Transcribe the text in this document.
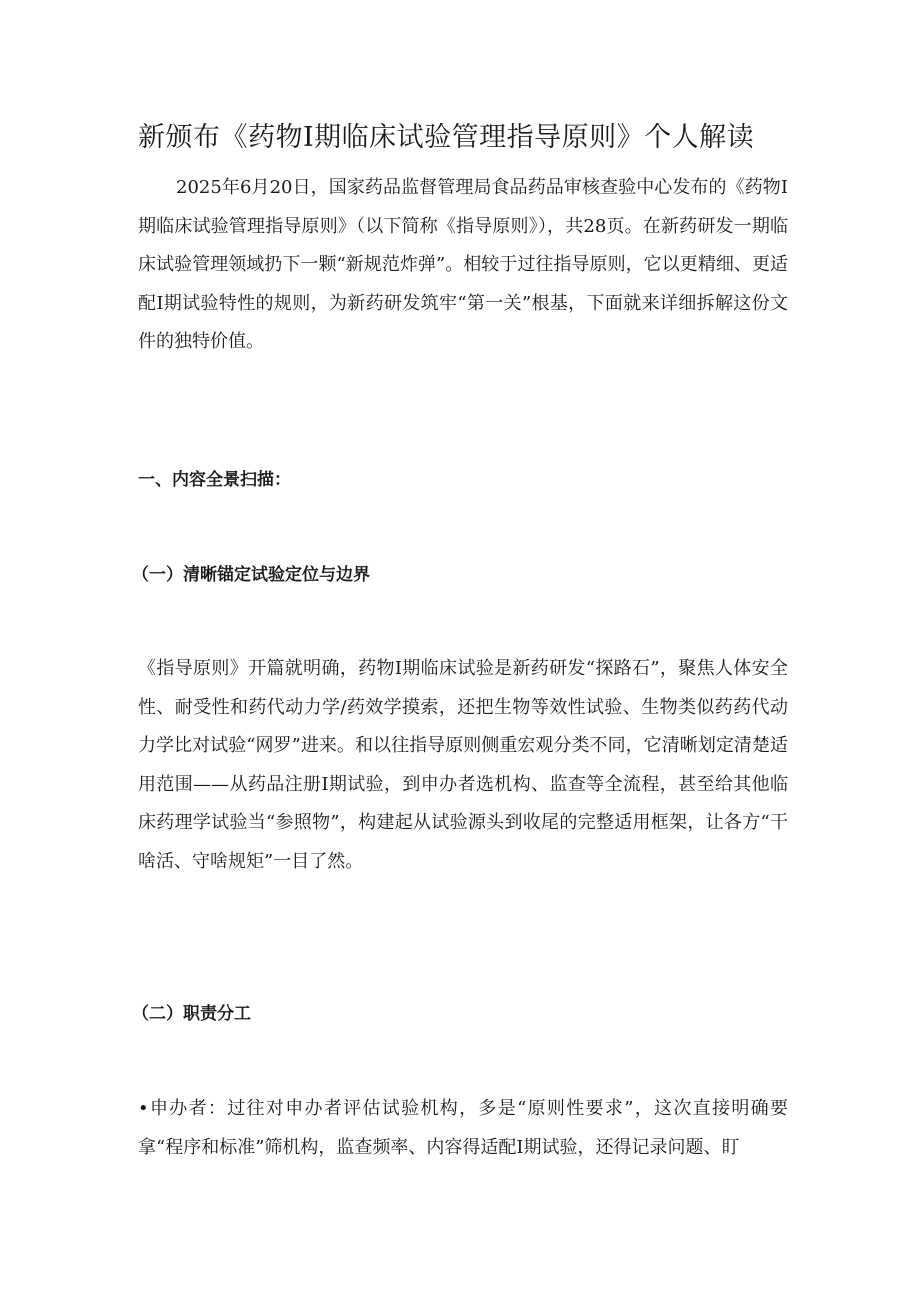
新颁布《药物Ⅰ期临床试验管理指导原则》个人解读

2025年6月20日，国家药品监督管理局食品药品审核查验中心发布的《药物Ⅰ期临床试验管理指导原则》（以下简称《指导原则》），共28页。在新药研发一期临床试验管理领域扔下一颗“新规范炸弹”。相较于过往指导原则，它以更精细、更适配Ⅰ期试验特性的规则，为新药研发筑牢“第一关”根基，下面就来详细拆解这份文件的独特价值。

一、内容全景扫描：
（一）清晰锚定试验定位与边界

《指导原则》开篇就明确，药物Ⅰ期临床试验是新药研发“探路石”，聚焦人体安全性、耐受性和药代动力学/药效学摸索，还把生物等效性试验、生物类似药药代动力学比对试验“网罗”进来。和以往指导原则侧重宏观分类不同，它清晰划定清楚适用范围——从药品注册Ⅰ期试验，到申办者选机构、监查等全流程，甚至给其他临床药理学试验当“参照物”，构建起从试验源头到收尾的完整适用框架，让各方“干啥活、守啥规矩”一目了然。

（二）职责分工

•申办者：过往对申办者评估试验机构，多是“原则性要求”，这次直接明确要拿“程序和标准”筛机构，监查频率、内容得适配Ⅰ期试验，还得记录问题、盯
